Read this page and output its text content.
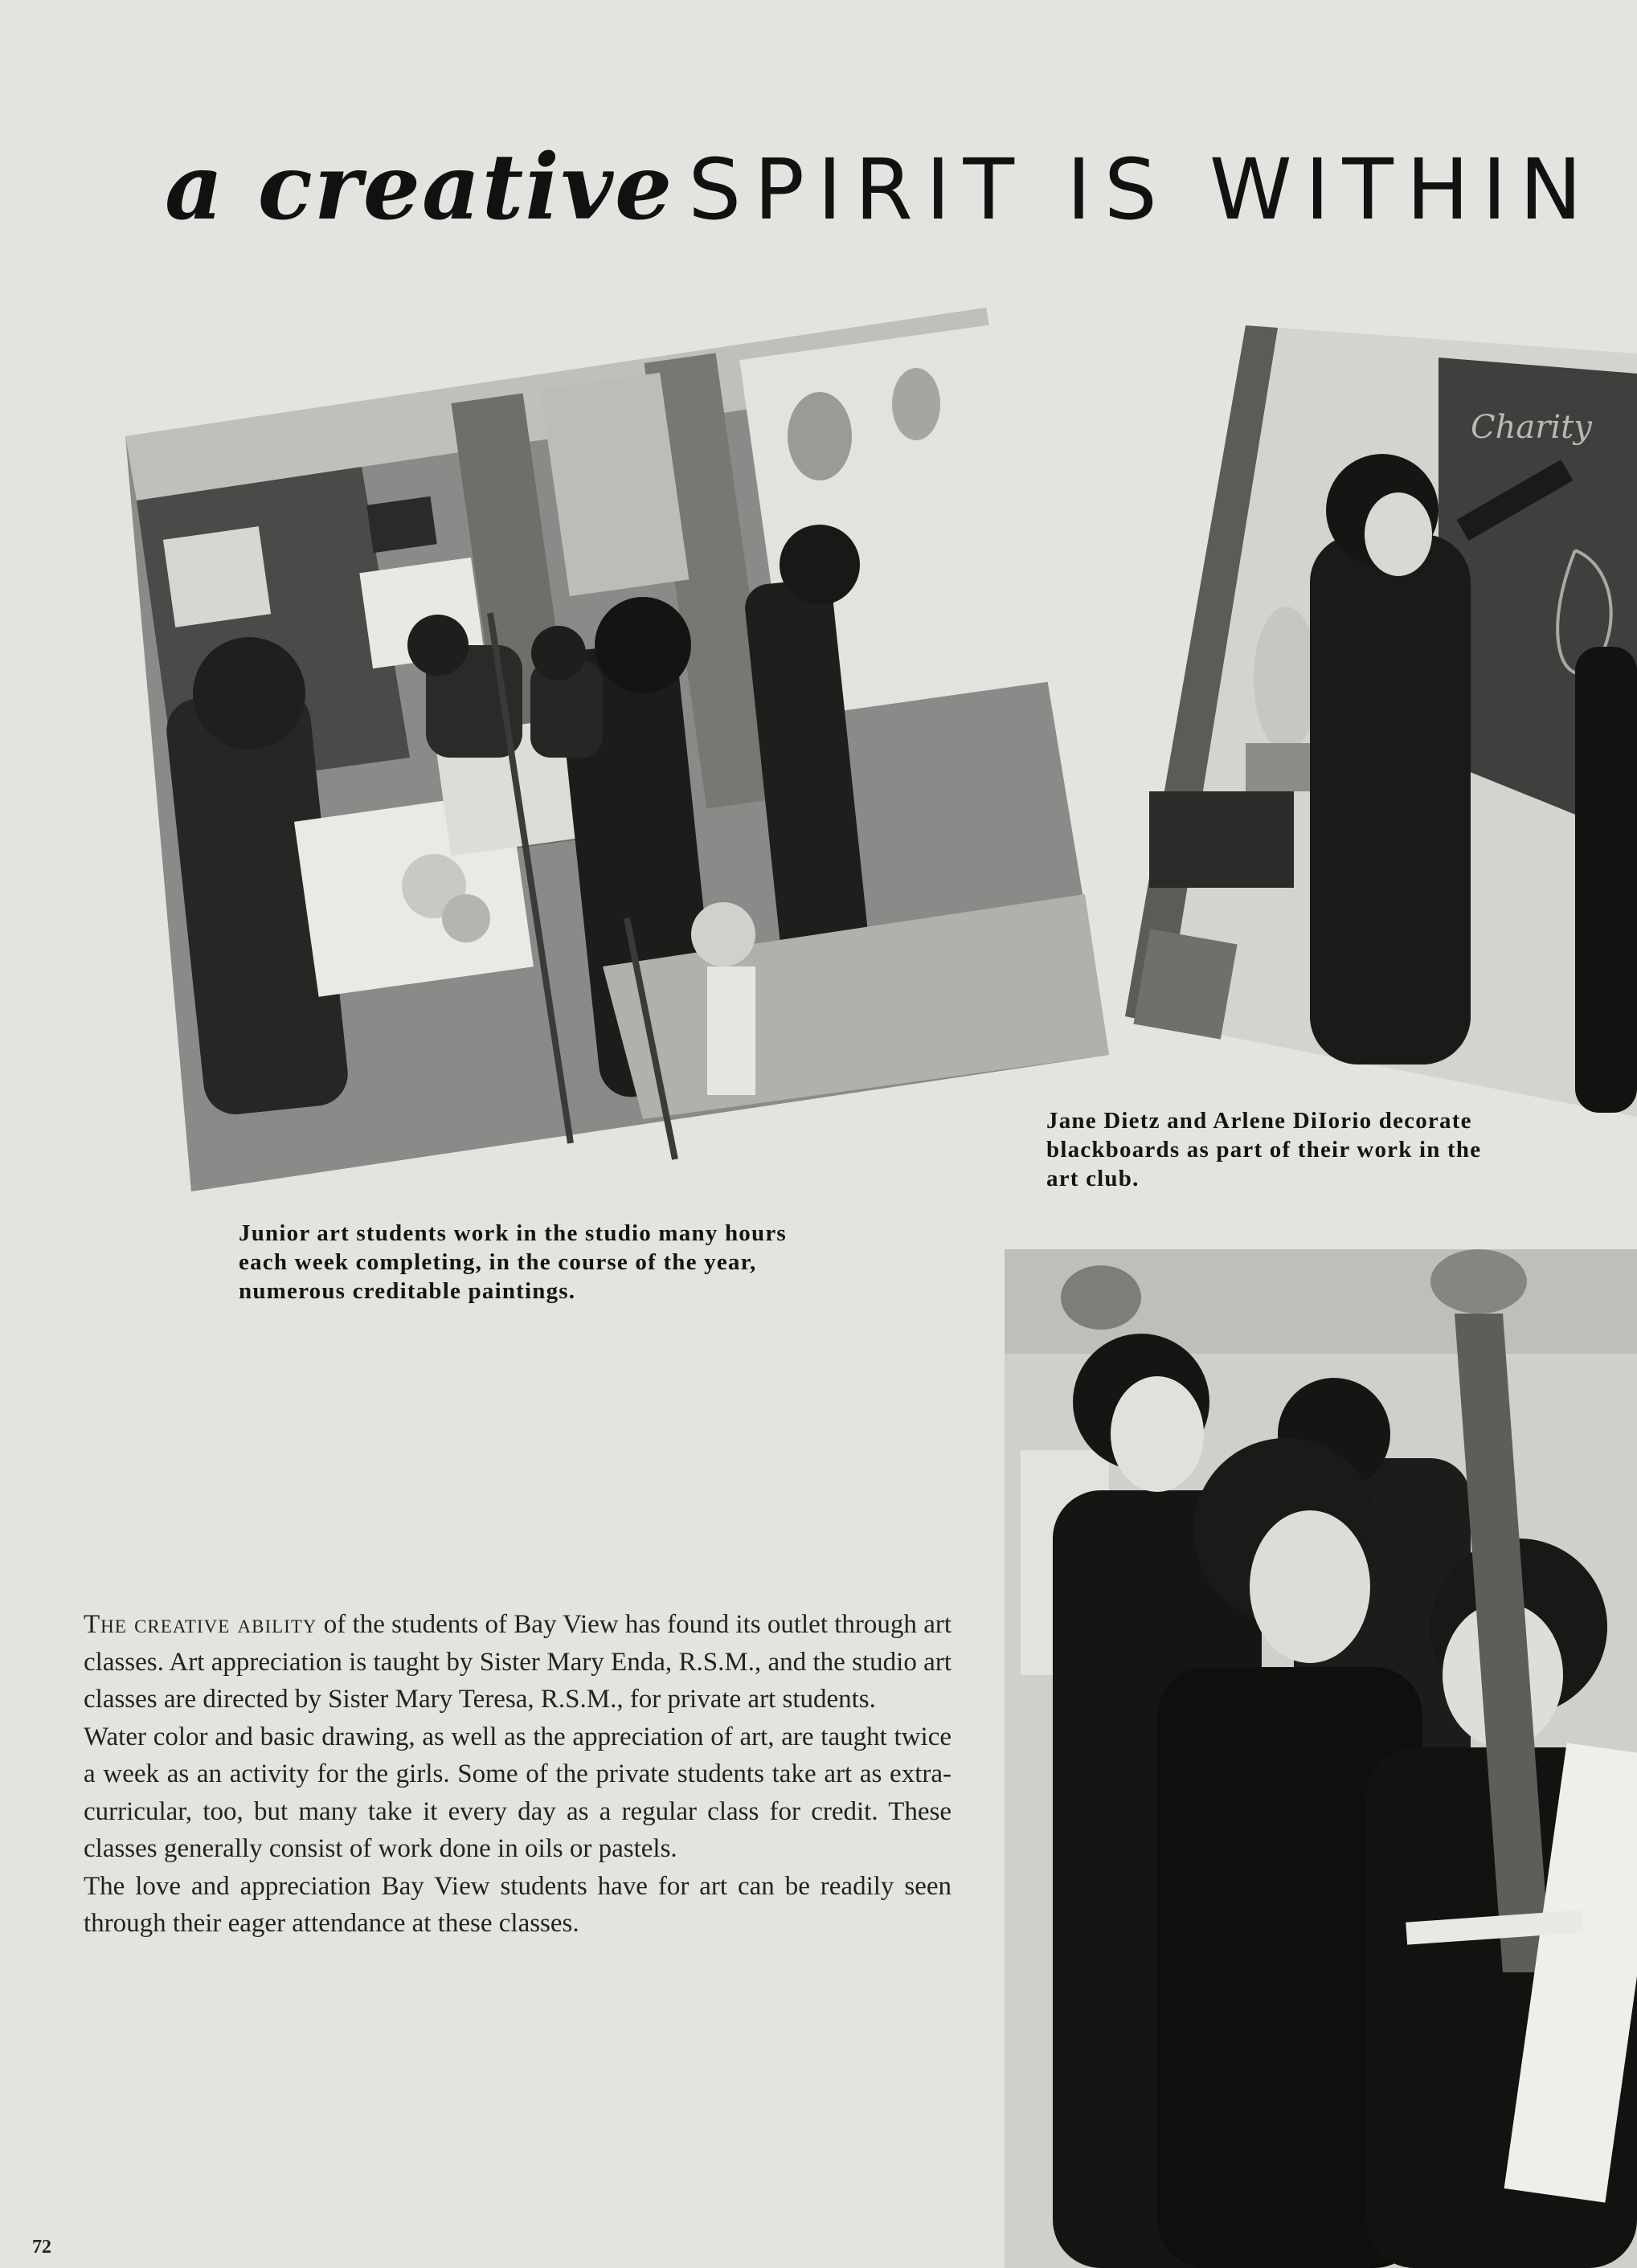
a creative SPIRIT IS WITHIN
Charity

Junior art students work in the studio many hours each week completing, in the course of the year, numerous creditable paintings.

Jane Dietz and Arlene DiIorio decorate blackboards as part of their work in the art club.

The creative ability of the students of Bay View has found its outlet through art classes. Art appreciation is taught by Sister Mary Enda, R.S.M., and the studio art classes are directed by Sister Mary Teresa, R.S.M., for private art students.

Water color and basic drawing, as well as the appreciation of art, are taught twice a week as an activity for the girls. Some of the private students take art as extra-curricular, too, but many take it every day as a regular class for credit. These classes generally consist of work done in oils or pastels.

The love and appreciation Bay View students have for art can be readily seen through their eager attendance at these classes.

72
